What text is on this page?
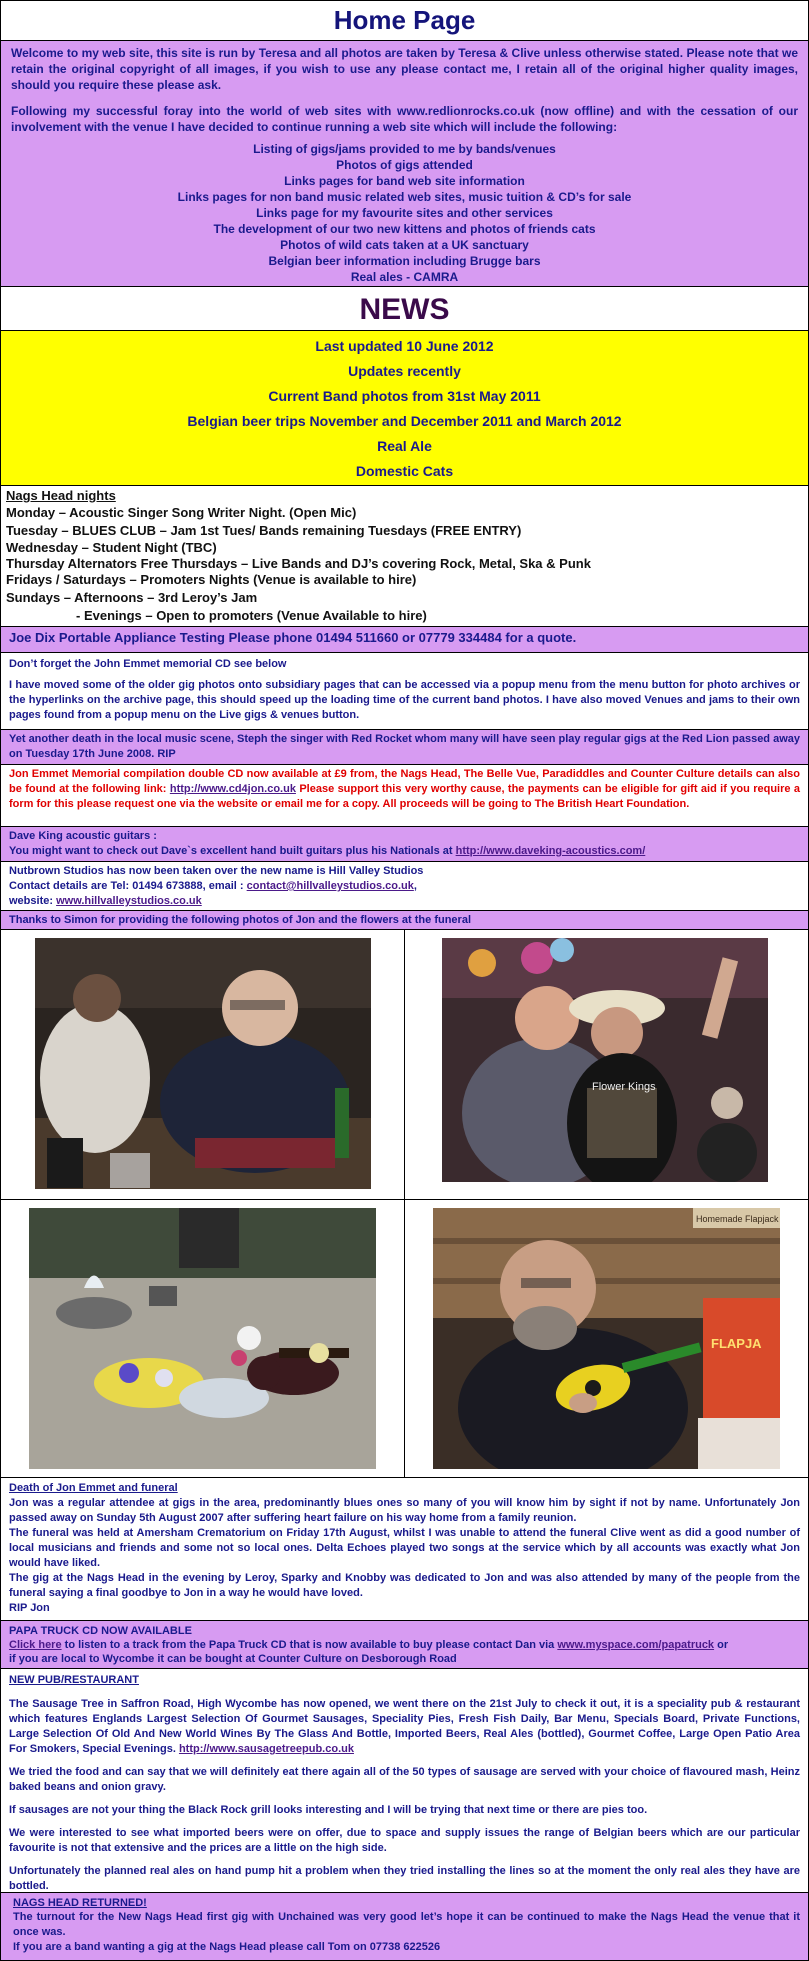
Home Page

Welcome to my web site, this site is run by Teresa and all photos are taken by Teresa & Clive unless otherwise stated. Please note that we retain the original copyright of all images, if you wish to use any please contact me, I retain all of the original higher quality images, should you require these please ask.

Following my successful foray into the world of web sites with www.redlionrocks.co.uk (now offline) and with the cessation of our involvement with the venue I have decided to continue running a web site which will include the following:

Listing of gigs/jams provided to me by bands/venues
Photos of gigs attended
Links pages for band web site information
Links pages for non band music related web sites, music tuition & CD’s for sale
Links page for my favourite sites and other services
The development of our two new kittens and photos of friends cats
Photos of wild cats taken at a UK sanctuary
Belgian beer information including Brugge bars
Real ales - CAMRA
NEWS

Last updated 10 June 2012

Updates recently

Current Band photos from 31st May 2011

Belgian beer trips November and December 2011 and March 2012

Real Ale

Domestic Cats

Nags Head nights

Monday – Acoustic Singer Song Writer Night. (Open Mic)

Tuesday – BLUES CLUB – Jam 1st Tues/ Bands remaining Tuesdays (FREE ENTRY)

Wednesday – Student Night (TBC)

Thursday Alternators Free Thursdays – Live Bands and DJ’s covering Rock, Metal, Ska & Punk

Fridays / Saturdays – Promoters Nights (Venue is available to hire)

Sundays – Afternoons – 3rd Leroy’s Jam

- Evenings – Open to promoters (Venue Available to hire)

Joe Dix Portable Appliance Testing Please phone 01494 511660 or 07779 334484 for a quote.

Don’t forget the John Emmet memorial CD see below

I have moved some of the older gig photos onto subsidiary pages that can be accessed via a popup menu from the menu button for photo archives or the hyperlinks on the archive page, this should speed up the loading time of the current band photos. I have also moved Venues and jams to their own pages found from a popup menu on the Live gigs & venues button.

Yet another death in the local music scene, Steph the singer with Red Rocket whom many will have seen play regular gigs at the Red Lion passed away on Tuesday 17th June 2008. RIP

Jon Emmet Memorial compilation double CD now available at £9 from, the Nags Head, The Belle Vue, Paradiddles and Counter Culture details can also be found at the following link: http://www.cd4jon.co.uk Please support this very worthy cause, the payments can be eligible for gift aid if you require a form for this please request one via the website or email me for a copy. All proceeds will be going to The British Heart Foundation.

Dave King acoustic guitars :

You might want to check out Dave`s excellent hand built guitars plus his Nationals at http://www.daveking-acoustics.com/

Nutbrown Studios has now been taken over the new name is Hill Valley Studios

Contact details are Tel: 01494 673888, email : contact@hillvalleystudios.co.uk,

website: www.hillvalleystudios.co.uk

Thanks to Simon for providing the following photos of Jon and the flowers at the funeral

Flower Kings
Homemade Flapjack
FLAPJA

Death of Jon Emmet and funeral

Jon was a regular attendee at gigs in the area, predominantly blues ones so many of you will know him by sight if not by name. Unfortunately Jon passed away on Sunday 5th August 2007 after suffering heart failure on his way home from a family reunion.

The funeral was held at Amersham Crematorium on Friday 17th August, whilst I was unable to attend the funeral Clive went as did a good number of local musicians and friends and some not so local ones. Delta Echoes played two songs at the service which by all accounts was exactly what Jon would have liked.

The gig at the Nags Head in the evening by Leroy, Sparky and Knobby was dedicated to Jon and was also attended by many of the people from the funeral saying a final goodbye to Jon in a way he would have loved.

RIP Jon

PAPA TRUCK CD NOW AVAILABLE

Click here to listen to a track from the Papa Truck CD that is now available to buy please contact Dan via www.myspace.com/papatruck or

if you are local to Wycombe it can be bought at Counter Culture on Desborough Road

NEW PUB/RESTAURANT

The Sausage Tree in Saffron Road, High Wycombe has now opened, we went there on the 21st July to check it out, it is a speciality pub & restaurant which features Englands Largest Selection Of Gourmet Sausages, Speciality Pies, Fresh Fish Daily, Bar Menu, Specials Board, Private Functions, Large Selection Of Old And New World Wines By The Glass And Bottle, Imported Beers, Real Ales (bottled), Gourmet Coffee, Large Open Patio Area For Smokers, Special Evenings. http://www.sausagetreepub.co.uk

We tried the food and can say that we will definitely eat there again all of the 50 types of sausage are served with your choice of flavoured mash, Heinz baked beans and onion gravy.

If sausages are not your thing the Black Rock grill looks interesting and I will be trying that next time or there are pies too.

We were interested to see what imported beers were on offer, due to space and supply issues the range of Belgian beers which are our particular favourite is not that extensive and the prices are a little on the high side.

Unfortunately the planned real ales on hand pump hit a problem when they tried installing the lines so at the moment the only real ales they have are bottled.

NAGS HEAD RETURNED!

The turnout for the New Nags Head first gig with Unchained was very good let’s hope it can be continued to make the Nags Head the venue that it once was.

If you are a band wanting a gig at the Nags Head please call Tom on 07738 622526
